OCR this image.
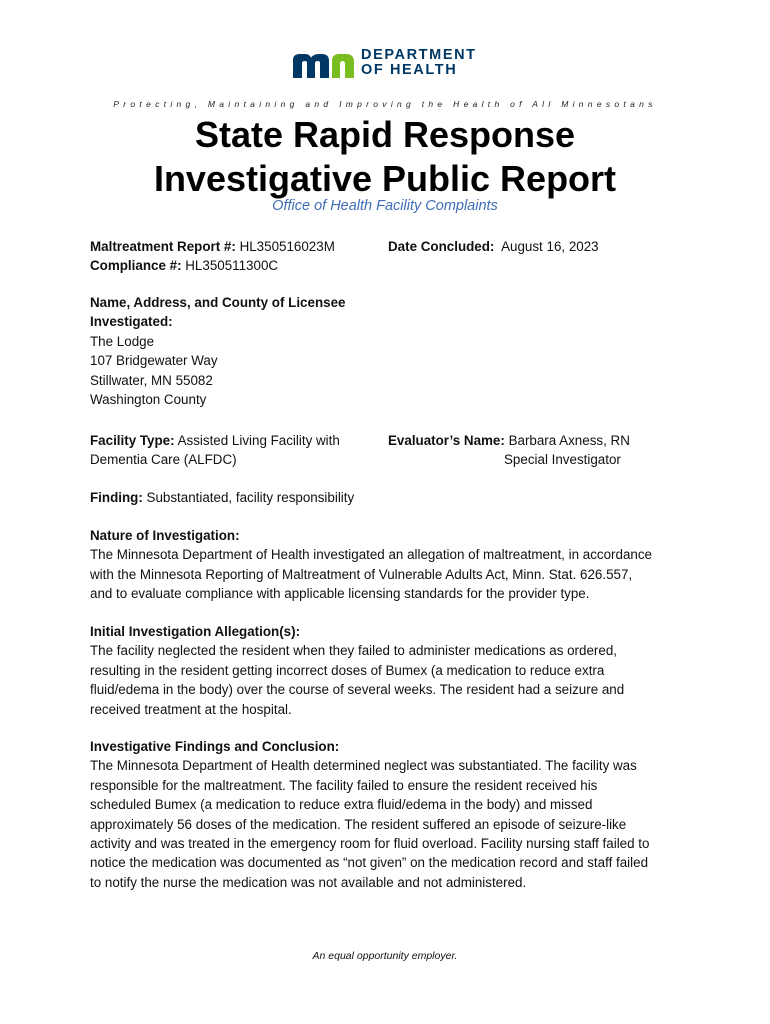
DEPARTMENT
OF HEALTH
Protecting, Maintaining and Improving the Health of All Minnesotans
State Rapid Response
Investigative Public Report
Office of Health Facility Complaints
Maltreatment Report #: HL350516023M
Compliance #: HL350511300C
Date Concluded:  August 16, 2023
Name, Address, and County of Licensee
Investigated:
The Lodge
107 Bridgewater Way
Stillwater, MN 55082
Washington County
Facility Type: Assisted Living Facility with
Dementia Care (ALFDC)
Evaluator’s Name: Barbara Axness, RN
Special Investigator
Finding: Substantiated, facility responsibility
Nature of Investigation:
The Minnesota Department of Health investigated an allegation of maltreatment, in accordance
with the Minnesota Reporting of Maltreatment of Vulnerable Adults Act, Minn. Stat. 626.557,
and to evaluate compliance with applicable licensing standards for the provider type.
Initial Investigation Allegation(s):
The facility neglected the resident when they failed to administer medications as ordered,
resulting in the resident getting incorrect doses of Bumex (a medication to reduce extra
fluid/edema in the body) over the course of several weeks. The resident had a seizure and
received treatment at the hospital.
Investigative Findings and Conclusion:
The Minnesota Department of Health determined neglect was substantiated. The facility was
responsible for the maltreatment. The facility failed to ensure the resident received his
scheduled Bumex (a medication to reduce extra fluid/edema in the body) and missed
approximately 56 doses of the medication. The resident suffered an episode of seizure-like
activity and was treated in the emergency room for fluid overload. Facility nursing staff failed to
notice the medication was documented as “not given” on the medication record and staff failed
to notify the nurse the medication was not available and not administered.
An equal opportunity employer.
